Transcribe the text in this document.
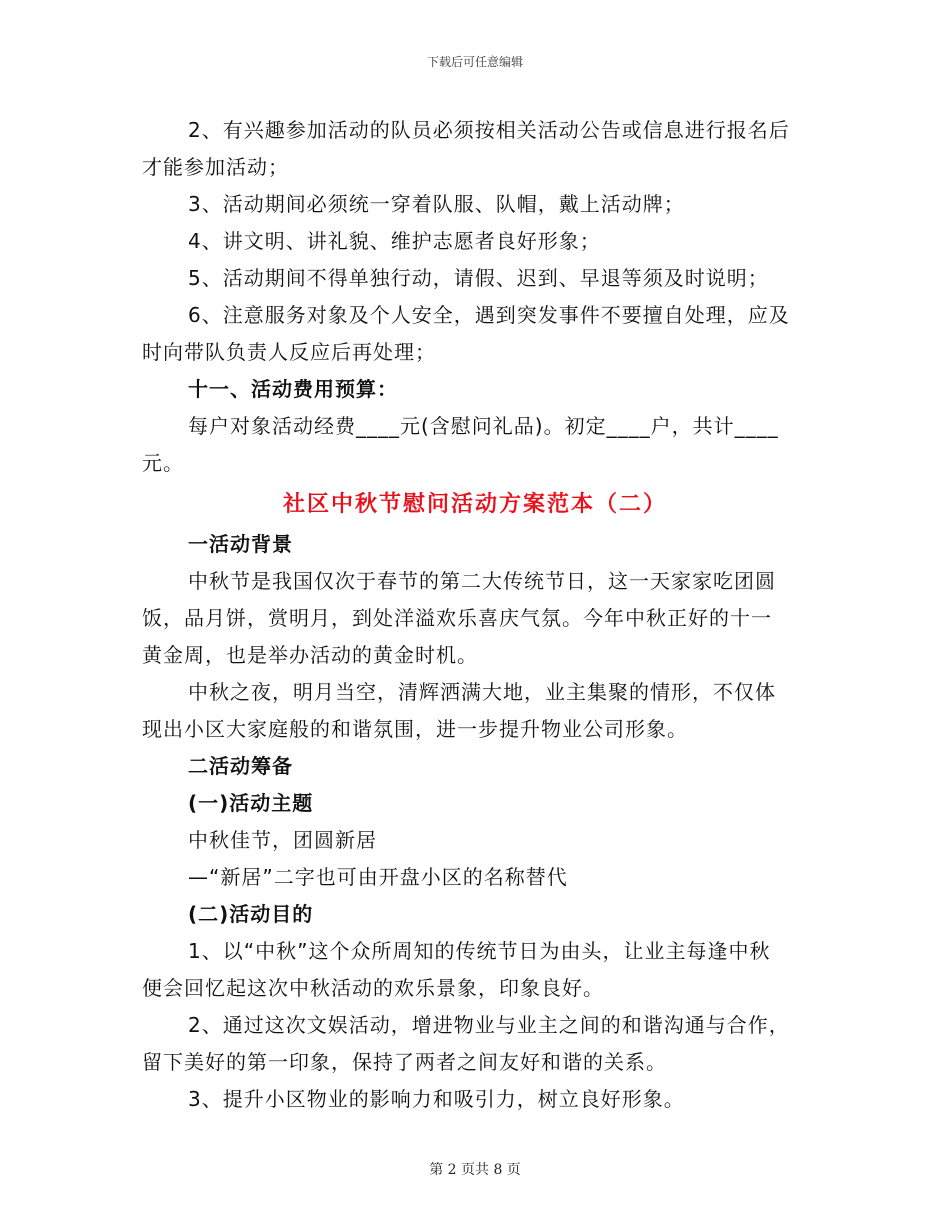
下载后可任意编辑
2、有兴趣参加活动的队员必须按相关活动公告或信息进行报名后
才能参加活动；
3、活动期间必须统一穿着队服、队帽，戴上活动牌；
4、讲文明、讲礼貌、维护志愿者良好形象；
5、活动期间不得单独行动，请假、迟到、早退等须及时说明；
6、注意服务对象及个人安全，遇到突发事件不要擅自处理，应及
时向带队负责人反应后再处理；
十一、活动费用预算：
每户对象活动经费____元(含慰问礼品)。初定____户，共计____
元。
社区中秋节慰问活动方案范本（二）
一活动背景
中秋节是我国仅次于春节的第二大传统节日，这一天家家吃团圆
饭，品月饼，赏明月，到处洋溢欢乐喜庆气氛。今年中秋正好的十一
黄金周，也是举办活动的黄金时机。
中秋之夜，明月当空，清辉洒满大地，业主集聚的情形，不仅体
现出小区大家庭般的和谐氛围，进一步提升物业公司形象。
二活动筹备
(一)活动主题
中秋佳节，团圆新居
—“新居”二字也可由开盘小区的名称替代
(二)活动目的
1、以“中秋”这个众所周知的传统节日为由头，让业主每逢中秋
便会回忆起这次中秋活动的欢乐景象，印象良好。
2、通过这次文娱活动，增进物业与业主之间的和谐沟通与合作，
留下美好的第一印象，保持了两者之间友好和谐的关系。
3、提升小区物业的影响力和吸引力，树立良好形象。
第 2 页共 8 页
